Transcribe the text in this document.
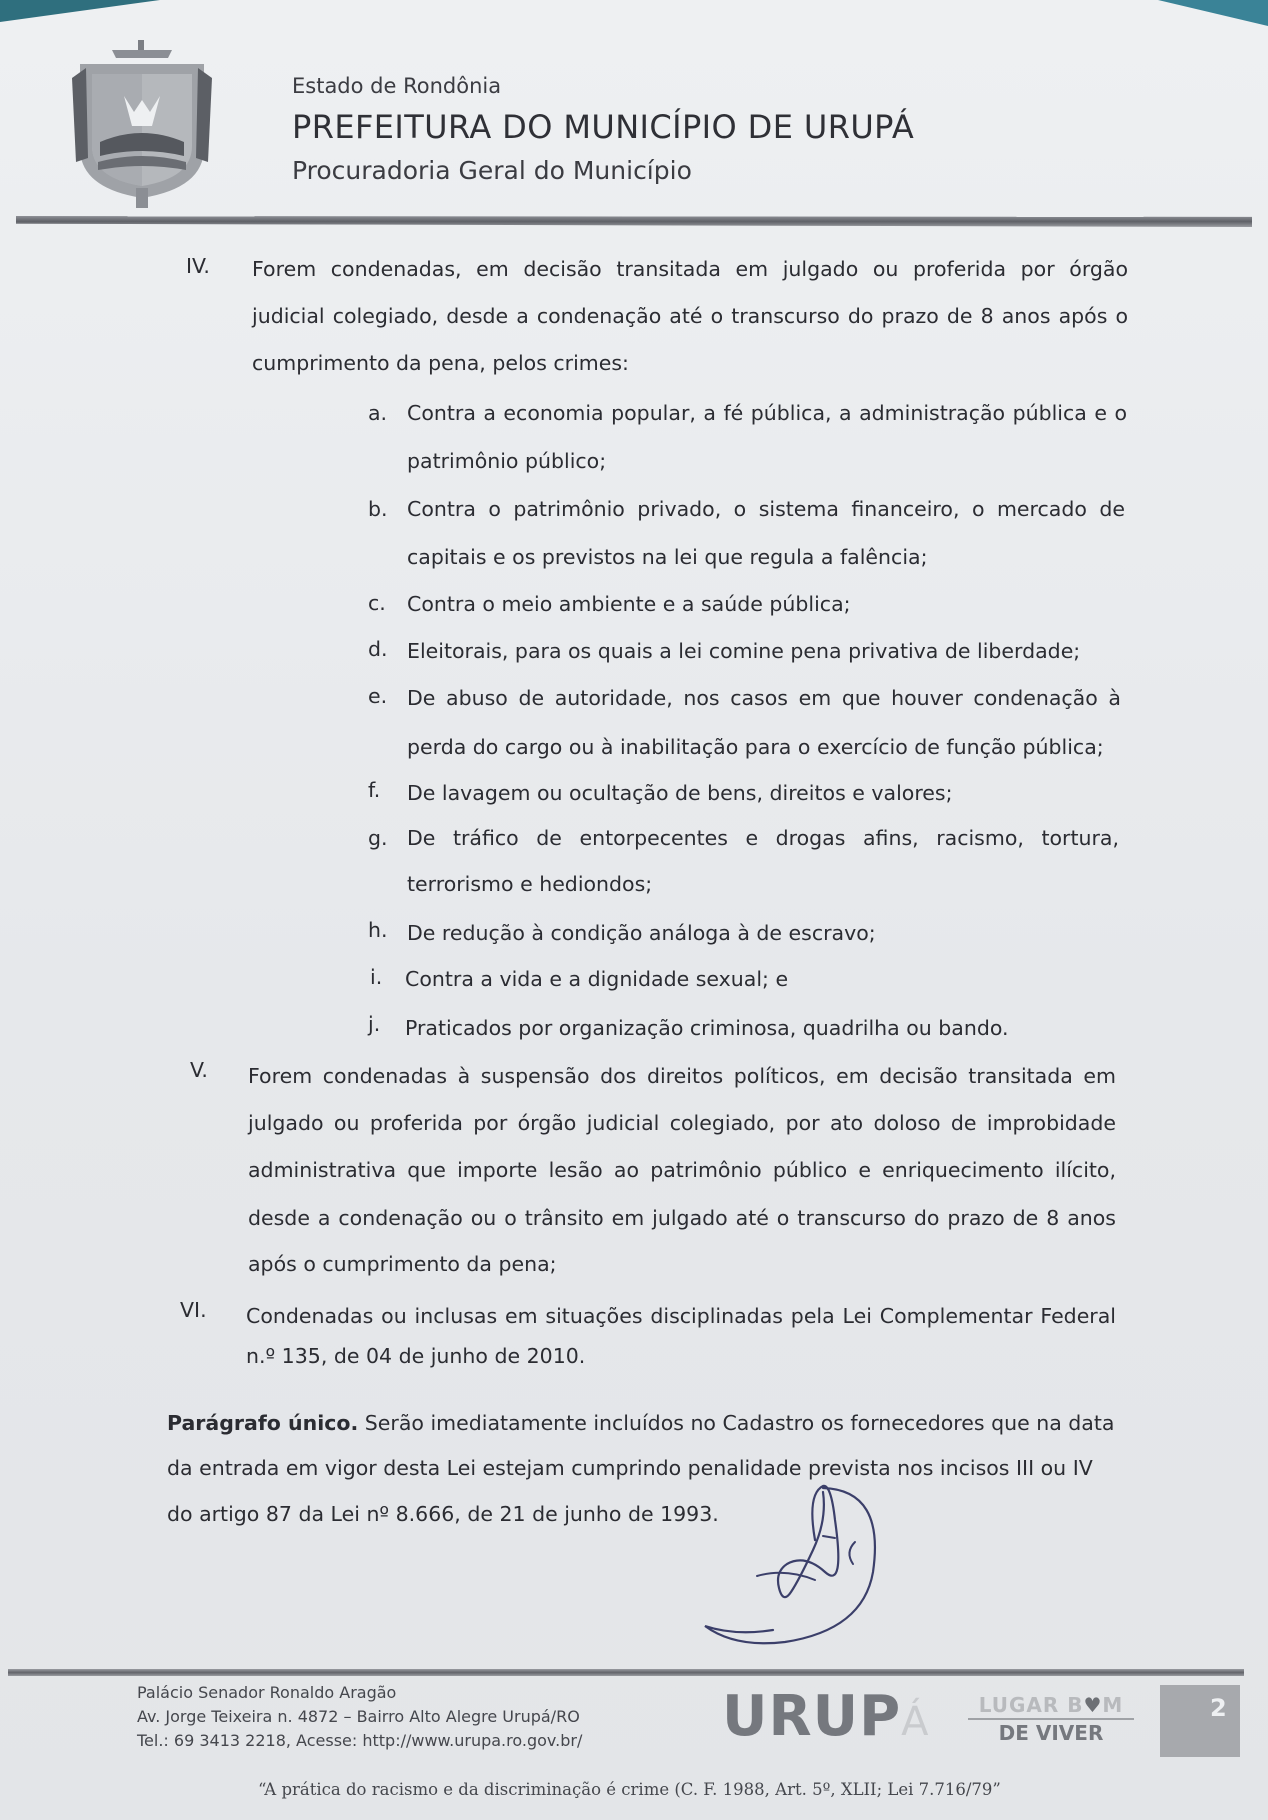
Estado de Rondônia
PREFEITURA DO MUNICÍPIO DE URUPÁ
Procuradoria Geral do Município
IV. Forem condenadas, em decisão transitada em julgado ou proferida por órgão
judicial colegiado, desde a condenação até o transcurso do prazo de 8 anos após o
cumprimento da pena, pelos crimes:
a. Contra a economia popular, a fé pública, a administração pública e o
patrimônio público;
b. Contra o patrimônio privado, o sistema financeiro, o mercado de
capitais e os previstos na lei que regula a falência;
c. Contra o meio ambiente e a saúde pública;
d. Eleitorais, para os quais a lei comine pena privativa de liberdade;
e. De abuso de autoridade, nos casos em que houver condenação à
perda do cargo ou à inabilitação para o exercício de função pública;
f. De lavagem ou ocultação de bens, direitos e valores;
g. De tráfico de entorpecentes e drogas afins, racismo, tortura,
terrorismo e hediondos;
h. De redução à condição análoga à de escravo;
i. Contra a vida e a dignidade sexual; e
j. Praticados por organização criminosa, quadrilha ou bando.
V. Forem condenadas à suspensão dos direitos políticos, em decisão transitada em
julgado ou proferida por órgão judicial colegiado, por ato doloso de improbidade
administrativa que importe lesão ao patrimônio público e enriquecimento ilícito,
desde a condenação ou o trânsito em julgado até o transcurso do prazo de 8 anos
após o cumprimento da pena;
VI. Condenadas ou inclusas em situações disciplinadas pela Lei Complementar Federal
n.º 135, de 04 de junho de 2010.
Parágrafo único. Serão imediatamente incluídos no Cadastro os fornecedores que na data
da entrada em vigor desta Lei estejam cumprindo penalidade prevista nos incisos III ou IV
do artigo 87 da Lei nº 8.666, de 21 de junho de 1993.
Palácio Senador Ronaldo Aragão
Av. Jorge Teixeira n. 4872 – Bairro Alto Alegre Urupá/RO
Tel.: 69 3413 2218, Acesse: http://www.urupa.ro.gov.br/ URUPÁ	LUGAR B♥M
DE VIVER
2
“A prática do racismo e da discriminação é crime (C. F. 1988, Art. 5º, XLII; Lei 7.716/79”
